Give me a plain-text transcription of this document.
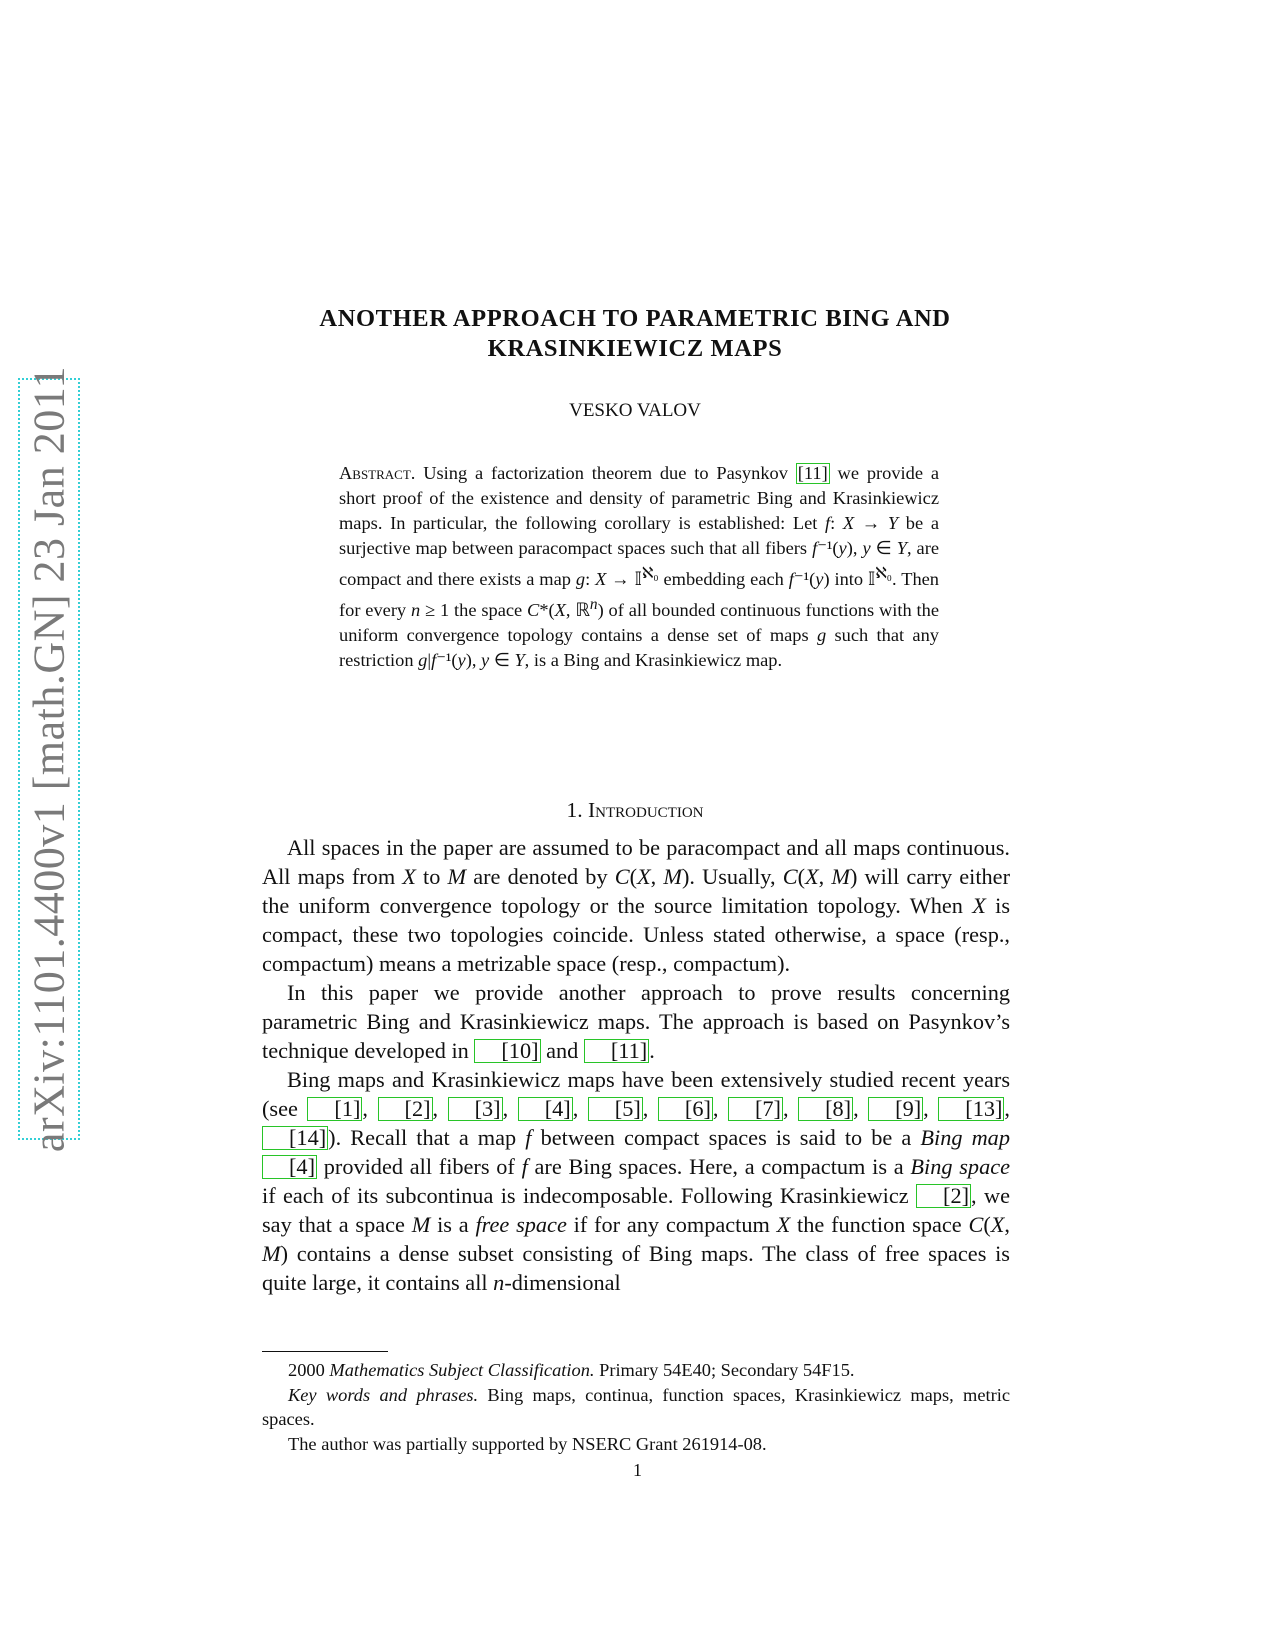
arXiv:1101.4400v1 [math.GN] 23 Jan 2011
ANOTHER APPROACH TO PARAMETRIC BING AND
KRASINKIEWICZ MAPS
VESKO VALOV

Abstract. Using a factorization theorem due to Pasynkov [11] we provide a short proof of the existence and density of parametric Bing and Krasinkiewicz maps. In particular, the following corollary is established: Let f: X → Y be a surjective map between paracompact spaces such that all fibers f⁻¹(y), y ∈ Y, are compact and there exists a map g: X → 𝕀$^{ℵ_0}$ embedding each f⁻¹(y) into 𝕀$^{ℵ_0}$. Then for every n ≥ 1 the space C*(X, ℝ$^n$) of all bounded continuous functions with the uniform convergence topology contains a dense set of maps g such that any restriction g|f⁻¹(y), y ∈ Y, is a Bing and Krasinkiewicz map.

1. Introduction

All spaces in the paper are assumed to be paracompact and all maps continuous. All maps from X to M are denoted by C(X, M). Usually, C(X, M) will carry either the uniform convergence topology or the source limitation topology. When X is compact, these two topologies coincide. Unless stated otherwise, a space (resp., compactum) means a metrizable space (resp., compactum).

In this paper we provide another approach to prove results concerning parametric Bing and Krasinkiewicz maps. The approach is based on Pasynkov’s technique developed in [10] and [11].

Bing maps and Krasinkiewicz maps have been extensively studied recent years (see [1], [2], [3], [4], [5], [6], [7], [8], [9], [13], [14]). Recall that a map f between compact spaces is said to be a Bing map [4] provided all fibers of f are Bing spaces. Here, a compactum is a Bing space if each of its subcontinua is indecomposable. Following Krasinkiewicz [2], we say that a space M is a free space if for any compactum X the function space C(X, M) contains a dense subset consisting of Bing maps. The class of free spaces is quite large, it contains all n-dimensional

2000 Mathematics Subject Classification. Primary 54E40; Secondary 54F15.

Key words and phrases. Bing maps, continua, function spaces, Krasinkiewicz maps, metric spaces.

The author was partially supported by NSERC Grant 261914-08.

1
